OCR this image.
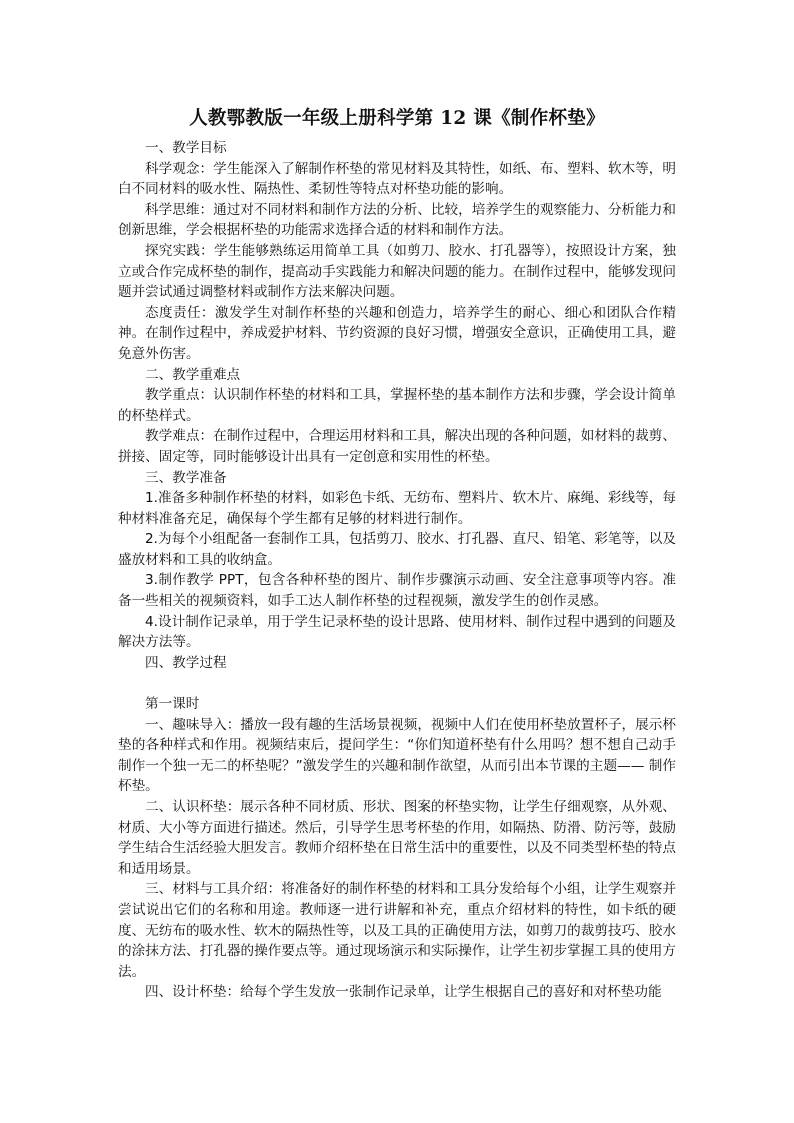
人教鄂教版一年级上册科学第 12 课《制作杯垫》

一、教学目标

科学观念：学生能深入了解制作杯垫的常见材料及其特性，如纸、布、塑料、软木等，明白不同材料的吸水性、隔热性、柔韧性等特点对杯垫功能的影响。

科学思维：通过对不同材料和制作方法的分析、比较，培养学生的观察能力、分析能力和创新思维，学会根据杯垫的功能需求选择合适的材料和制作方法。

探究实践：学生能够熟练运用简单工具（如剪刀、胶水、打孔器等），按照设计方案，独立或合作完成杯垫的制作，提高动手实践能力和解决问题的能力。在制作过程中，能够发现问题并尝试通过调整材料或制作方法来解决问题。

态度责任：激发学生对制作杯垫的兴趣和创造力，培养学生的耐心、细心和团队合作精神。在制作过程中，养成爱护材料、节约资源的良好习惯，增强安全意识，正确使用工具，避免意外伤害。

二、教学重难点

教学重点：认识制作杯垫的材料和工具，掌握杯垫的基本制作方法和步骤，学会设计简单的杯垫样式。

教学难点：在制作过程中，合理运用材料和工具，解决出现的各种问题，如材料的裁剪、拼接、固定等，同时能够设计出具有一定创意和实用性的杯垫。

三、教学准备

1.准备多种制作杯垫的材料，如彩色卡纸、无纺布、塑料片、软木片、麻绳、彩线等，每种材料准备充足，确保每个学生都有足够的材料进行制作。

2.为每个小组配备一套制作工具，包括剪刀、胶水、打孔器、直尺、铅笔、彩笔等，以及盛放材料和工具的收纳盒。

3.制作教学 PPT，包含各种杯垫的图片、制作步骤演示动画、安全注意事项等内容。准备一些相关的视频资料，如手工达人制作杯垫的过程视频，激发学生的创作灵感。

4.设计制作记录单，用于学生记录杯垫的设计思路、使用材料、制作过程中遇到的问题及解决方法等。

四、教学过程

第一课时

一、趣味导入：播放一段有趣的生活场景视频，视频中人们在使用杯垫放置杯子，展示杯垫的各种样式和作用。视频结束后，提问学生：“你们知道杯垫有什么用吗？想不想自己动手制作一个独一无二的杯垫呢？”激发学生的兴趣和制作欲望，从而引出本节课的主题—— 制作杯垫。

二、认识杯垫：展示各种不同材质、形状、图案的杯垫实物，让学生仔细观察，从外观、材质、大小等方面进行描述。然后，引导学生思考杯垫的作用，如隔热、防滑、防污等，鼓励学生结合生活经验大胆发言。教师介绍杯垫在日常生活中的重要性，以及不同类型杯垫的特点和适用场景。

三、材料与工具介绍：将准备好的制作杯垫的材料和工具分发给每个小组，让学生观察并尝试说出它们的名称和用途。教师逐一进行讲解和补充，重点介绍材料的特性，如卡纸的硬度、无纺布的吸水性、软木的隔热性等，以及工具的正确使用方法，如剪刀的裁剪技巧、胶水的涂抹方法、打孔器的操作要点等。通过现场演示和实际操作，让学生初步掌握工具的使用方法。

四、设计杯垫：给每个学生发放一张制作记录单，让学生根据自己的喜好和对杯垫功能
